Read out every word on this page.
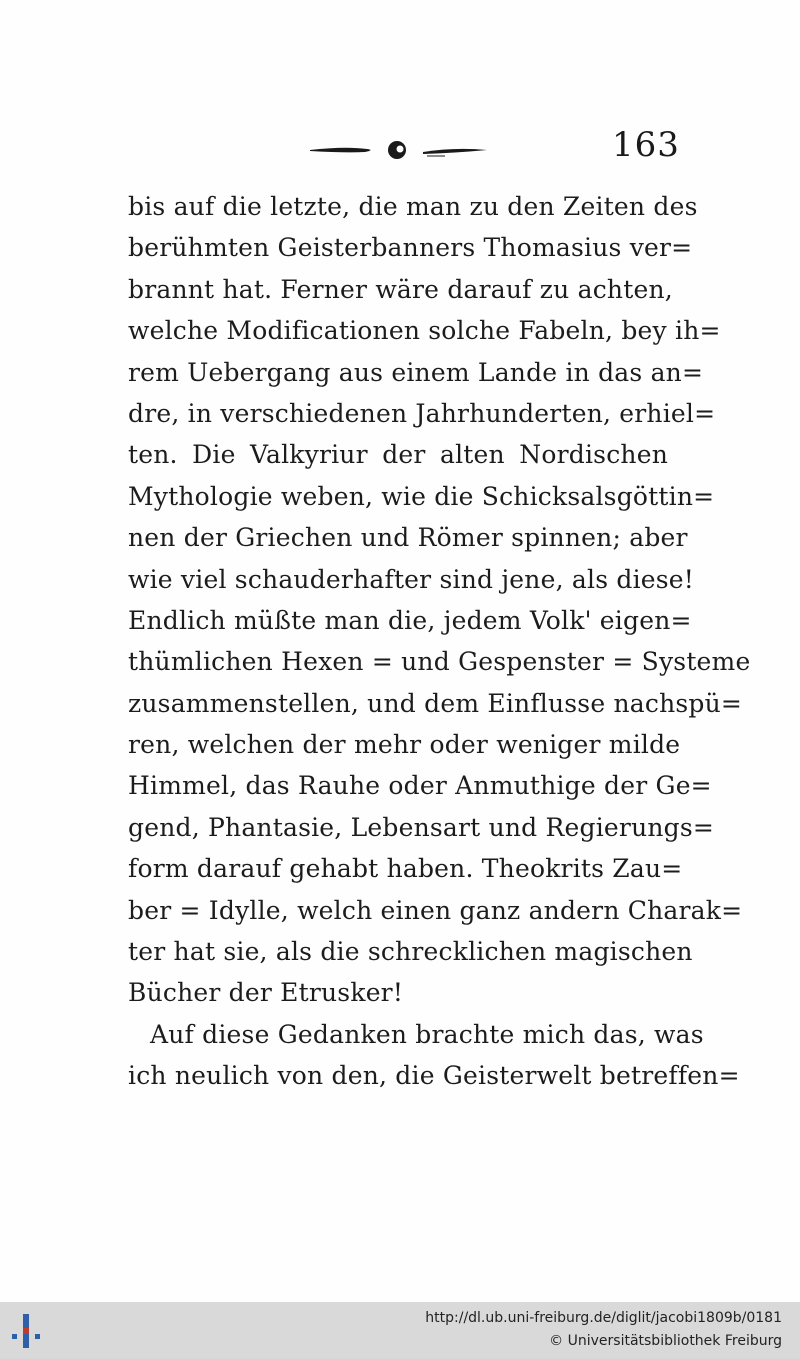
163
bis auf die letzte, die man zu den Zeiten des
berühmten Geisterbanners Thomasius ver=
brannt hat. Ferner wäre darauf zu achten,
welche Modificationen solche Fabeln, bey ih=
rem Uebergang aus einem Lande in das an=
dre, in verschiedenen Jahrhunderten, erhiel=
ten. Die Valkyriur der alten Nordischen
Mythologie weben, wie die Schicksalsgöttin=
nen der Griechen und Römer spinnen; aber
wie viel schauderhafter sind jene, als diese!
Endlich müßte man die, jedem Volk' eigen=
thümlichen Hexen = und Gespenster = Systeme
zusammenstellen, und dem Einflusse nachspü=
ren, welchen der mehr oder weniger milde
Himmel, das Rauhe oder Anmuthige der Ge=
gend, Phantasie, Lebensart und Regierungs=
form darauf gehabt haben. Theokrits Zau=
ber = Idylle, welch einen ganz andern Charak=
ter hat sie, als die schrecklichen magischen
Bücher der Etrusker!
Auf diese Gedanken brachte mich das, was
ich neulich von den, die Geisterwelt betreffen=
http://dl.ub.uni-freiburg.de/diglit/jacobi1809b/0181
© Universitätsbibliothek Freiburg
